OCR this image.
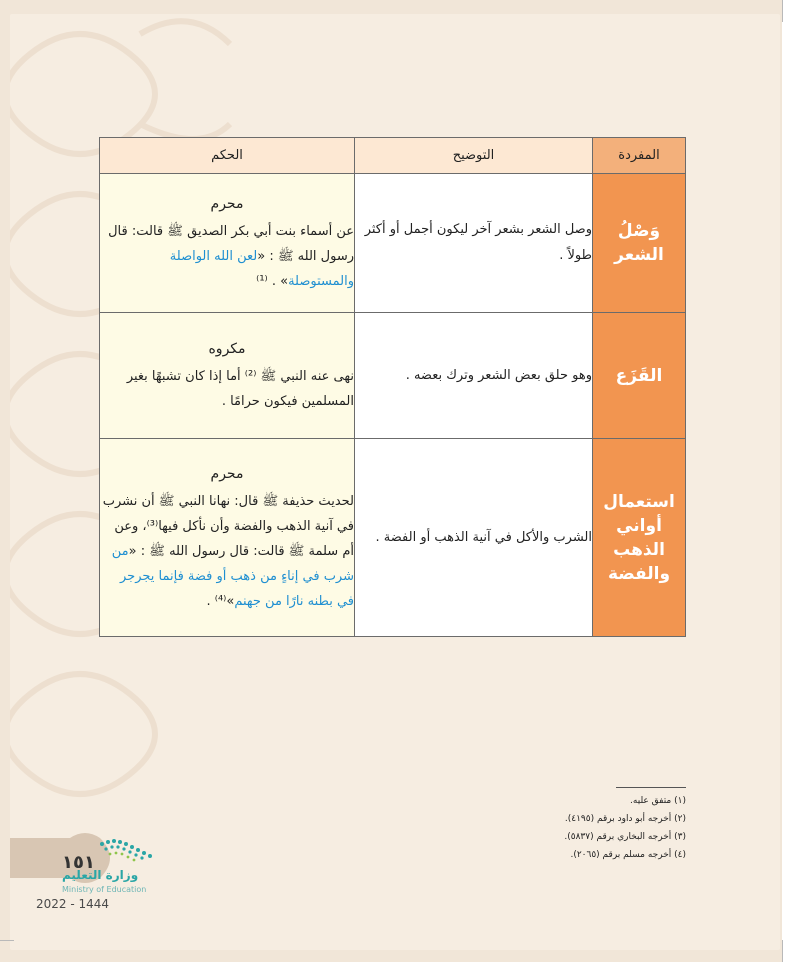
المفردة	التوضيح	الحكم
وَصْلُ الشعر	وصل الشعر بشعر آخر ليكون أجمل أو أكثر طولاً .	محرم
عن أسماء بنت أبي بكر الصديق ﷺ قالت: قال رسول الله ﷺ : «لعن الله الواصلة والمستوصلة» . ⁽¹⁾
القَزَع	وهو حلق بعض الشعر وترك بعضه .	مكروه
نهى عنه النبي ﷺ ⁽²⁾ أما إذا كان تشبهًا بغير المسلمين فيكون حرامًا .
استعمال أواني الذهب والفضة	الشرب والأكل في آنية الذهب أو الفضة .	محرم
لحديث حذيفة ﷺ قال: نهانا النبي ﷺ أن نشرب في آنية الذهب والفضة وأن نأكل فيها⁽³⁾، وعن أم سلمة ﷺ قالت: قال رسول الله ﷺ : «من شرب في إناءٍ من ذهب أو فضة فإنما يجرجر في بطنه نارًا من جهنم»⁽⁴⁾ .
(١) متفق عليه.
(٢) أخرجه أبو داود برقم (٤١٩٥).
(٣) أخرجه البخاري برقم (٥٨٣٧).
(٤) أخرجه مسلم برقم (٢٠٦٥).
١٥١
وزارة التعليم
Ministry of Education
2022 - 1444
